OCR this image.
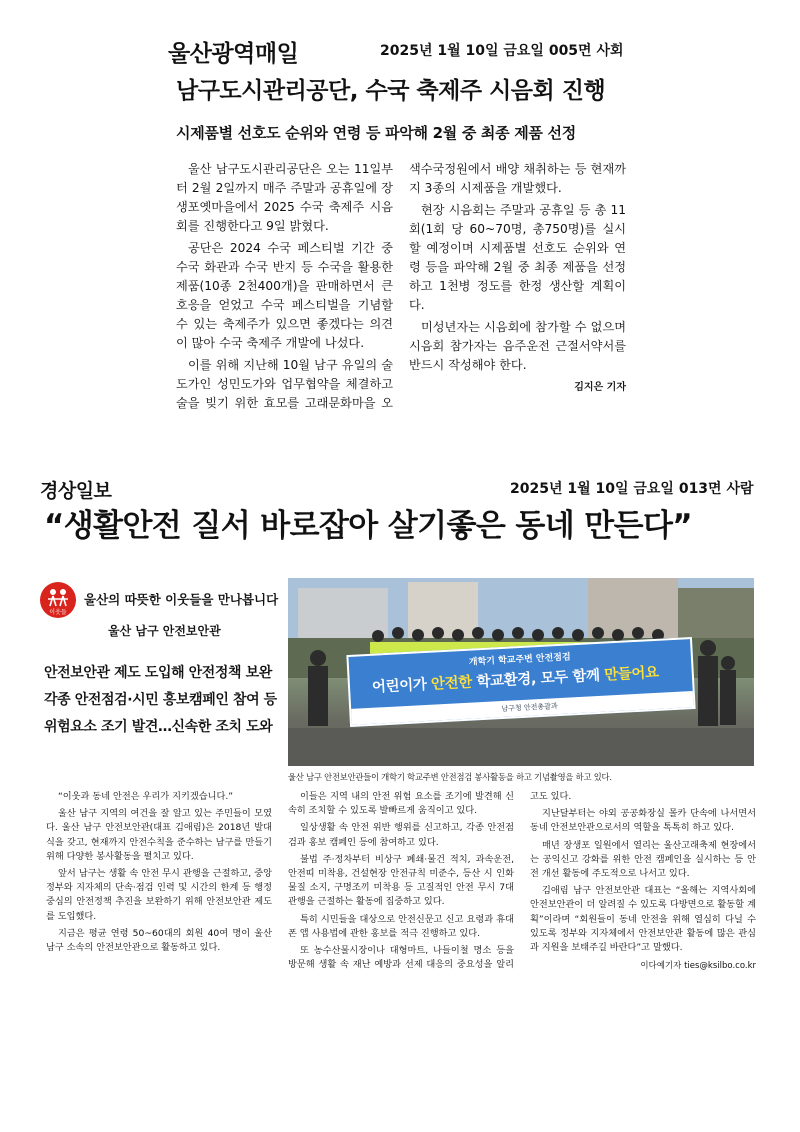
울산광역매일	2025년 1월 10일 금요일 005면 사회
남구도시관리공단, 수국 축제주 시음회 진행
시제품별 선호도 순위와 연령 등 파악해 2월 중 최종 제품 선정

울산 남구도시관리공단은 오는 11일부터 2월 2일까지 매주 주말과 공휴일에 장생포옛마을에서 2025 수국 축제주 시음회를 진행한다고 9일 밝혔다.

공단은 2024 수국 페스티벌 기간 중 수국 화관과 수국 반지 등 수국을 활용한 제품(10종 2천400개)을 판매하면서 큰 호응을 얻었고 수국 페스티벌을 기념할 수 있는 축제주가 있으면 좋겠다는 의견이 많아 수국 축제주 개발에 나섰다.

이를 위해 지난해 10월 남구 유일의 술 도가인 성민도가와 업무협약을 체결하고 술을 빚기 위한 효모를 고래문화마을 오색수국정원에서 배양 채취하는 등 현재까지 3종의 시제품을 개발했다.

현장 시음회는 주말과 공휴일 등 총 11회(1회 당 60~70명, 총750명)를 실시할 예정이며 시제품별 선호도 순위와 연령 등을 파악해 2월 중 최종 제품을 선정하고 1천병 정도를 한정 생산할 계획이다.

미성년자는 시음회에 참가할 수 없으며 시음회 참가자는 음주운전 근절서약서를 반드시 작성해야 한다.

김지은 기자
경상일보	2025년 1월 10일 금요일 013면 사람
“생활안전 질서 바로잡아 살기좋은 동네 만든다”
이웃들
울산의 따뜻한 이웃들을 만나봅니다
울산 남구 안전보안관
안전보안관 제도 도입해 안전정책 보완
각종 안전점검·시민 홍보캠페인 참여 등
위험요소 조기 발견…신속한 조치 도와
개학기 학교주변 안전점검
어린이가 안전한 학교환경, 모두 함께 만들어요
남구청 안전총괄과
울산 남구 안전보안관들이 개학기 학교주변 안전점검 봉사활동을 하고 기념촬영을 하고 있다.

“이웃과 동네 안전은 우리가 지키겠습니다.”

울산 남구 지역의 여건을 잘 알고 있는 주민들이 모였다. 울산 남구 안전보안관(대표 김애림)은 2018년 발대식을 갖고, 현재까지 안전수칙을 준수하는 남구를 만들기 위해 다양한 봉사활동을 펼치고 있다.

앞서 남구는 생활 속 안전 무시 관행을 근절하고, 중앙 정부와 지자체의 단속·점검 인력 및 시간의 한계 등 행정 중심의 안전정책 추진을 보완하기 위해 안전보안관 제도를 도입했다.

지금은 평균 연령 50~60대의 회원 40여 명이 울산 남구 소속의 안전보안관으로 활동하고 있다.

이들은 지역 내의 안전 위험 요소를 조기에 발견해 신속히 조치할 수 있도록 발빠르게 움직이고 있다.

일상생활 속 안전 위반 행위를 신고하고, 각종 안전점검과 홍보 캠페인 등에 참여하고 있다.

불법 주·정차부터 비상구 폐쇄·물건 적치, 과속운전, 안전띠 미착용, 건설현장 안전규칙 미준수, 등산 시 인화물질 소지, 구명조끼 미착용 등 고질적인 안전 무시 7대 관행을 근절하는 활동에 집중하고 있다.

특히 시민들을 대상으로 안전신문고 신고 요령과 휴대폰 앱 사용법에 관한 홍보를 적극 진행하고 있다.

또 농수산물시장이나 대형마트, 나들이철 명소 등을 방문해 생활 속 재난 예방과 선제 대응의 중요성을 알리고도 있다.

지난달부터는 야외 공공화장실 몰카 단속에 나서면서 동네 안전보안관으로서의 역할을 톡톡히 하고 있다.

매년 장생포 일원에서 열리는 울산고래축제 현장에서는 공익신고 강화를 위한 안전 캠페인을 실시하는 등 안전 개선 활동에 주도적으로 나서고 있다.

김애림 남구 안전보안관 대표는 “올해는 지역사회에 안전보안관이 더 알려질 수 있도록 다방면으로 활동할 계획”이라며 “회원들이 동네 안전을 위해 열심히 다닐 수 있도록 정부와 지자체에서 안전보안관 활동에 많은 관심과 지원을 보태주길 바란다”고 말했다.

이다예기자 ties@ksilbo.co.kr
